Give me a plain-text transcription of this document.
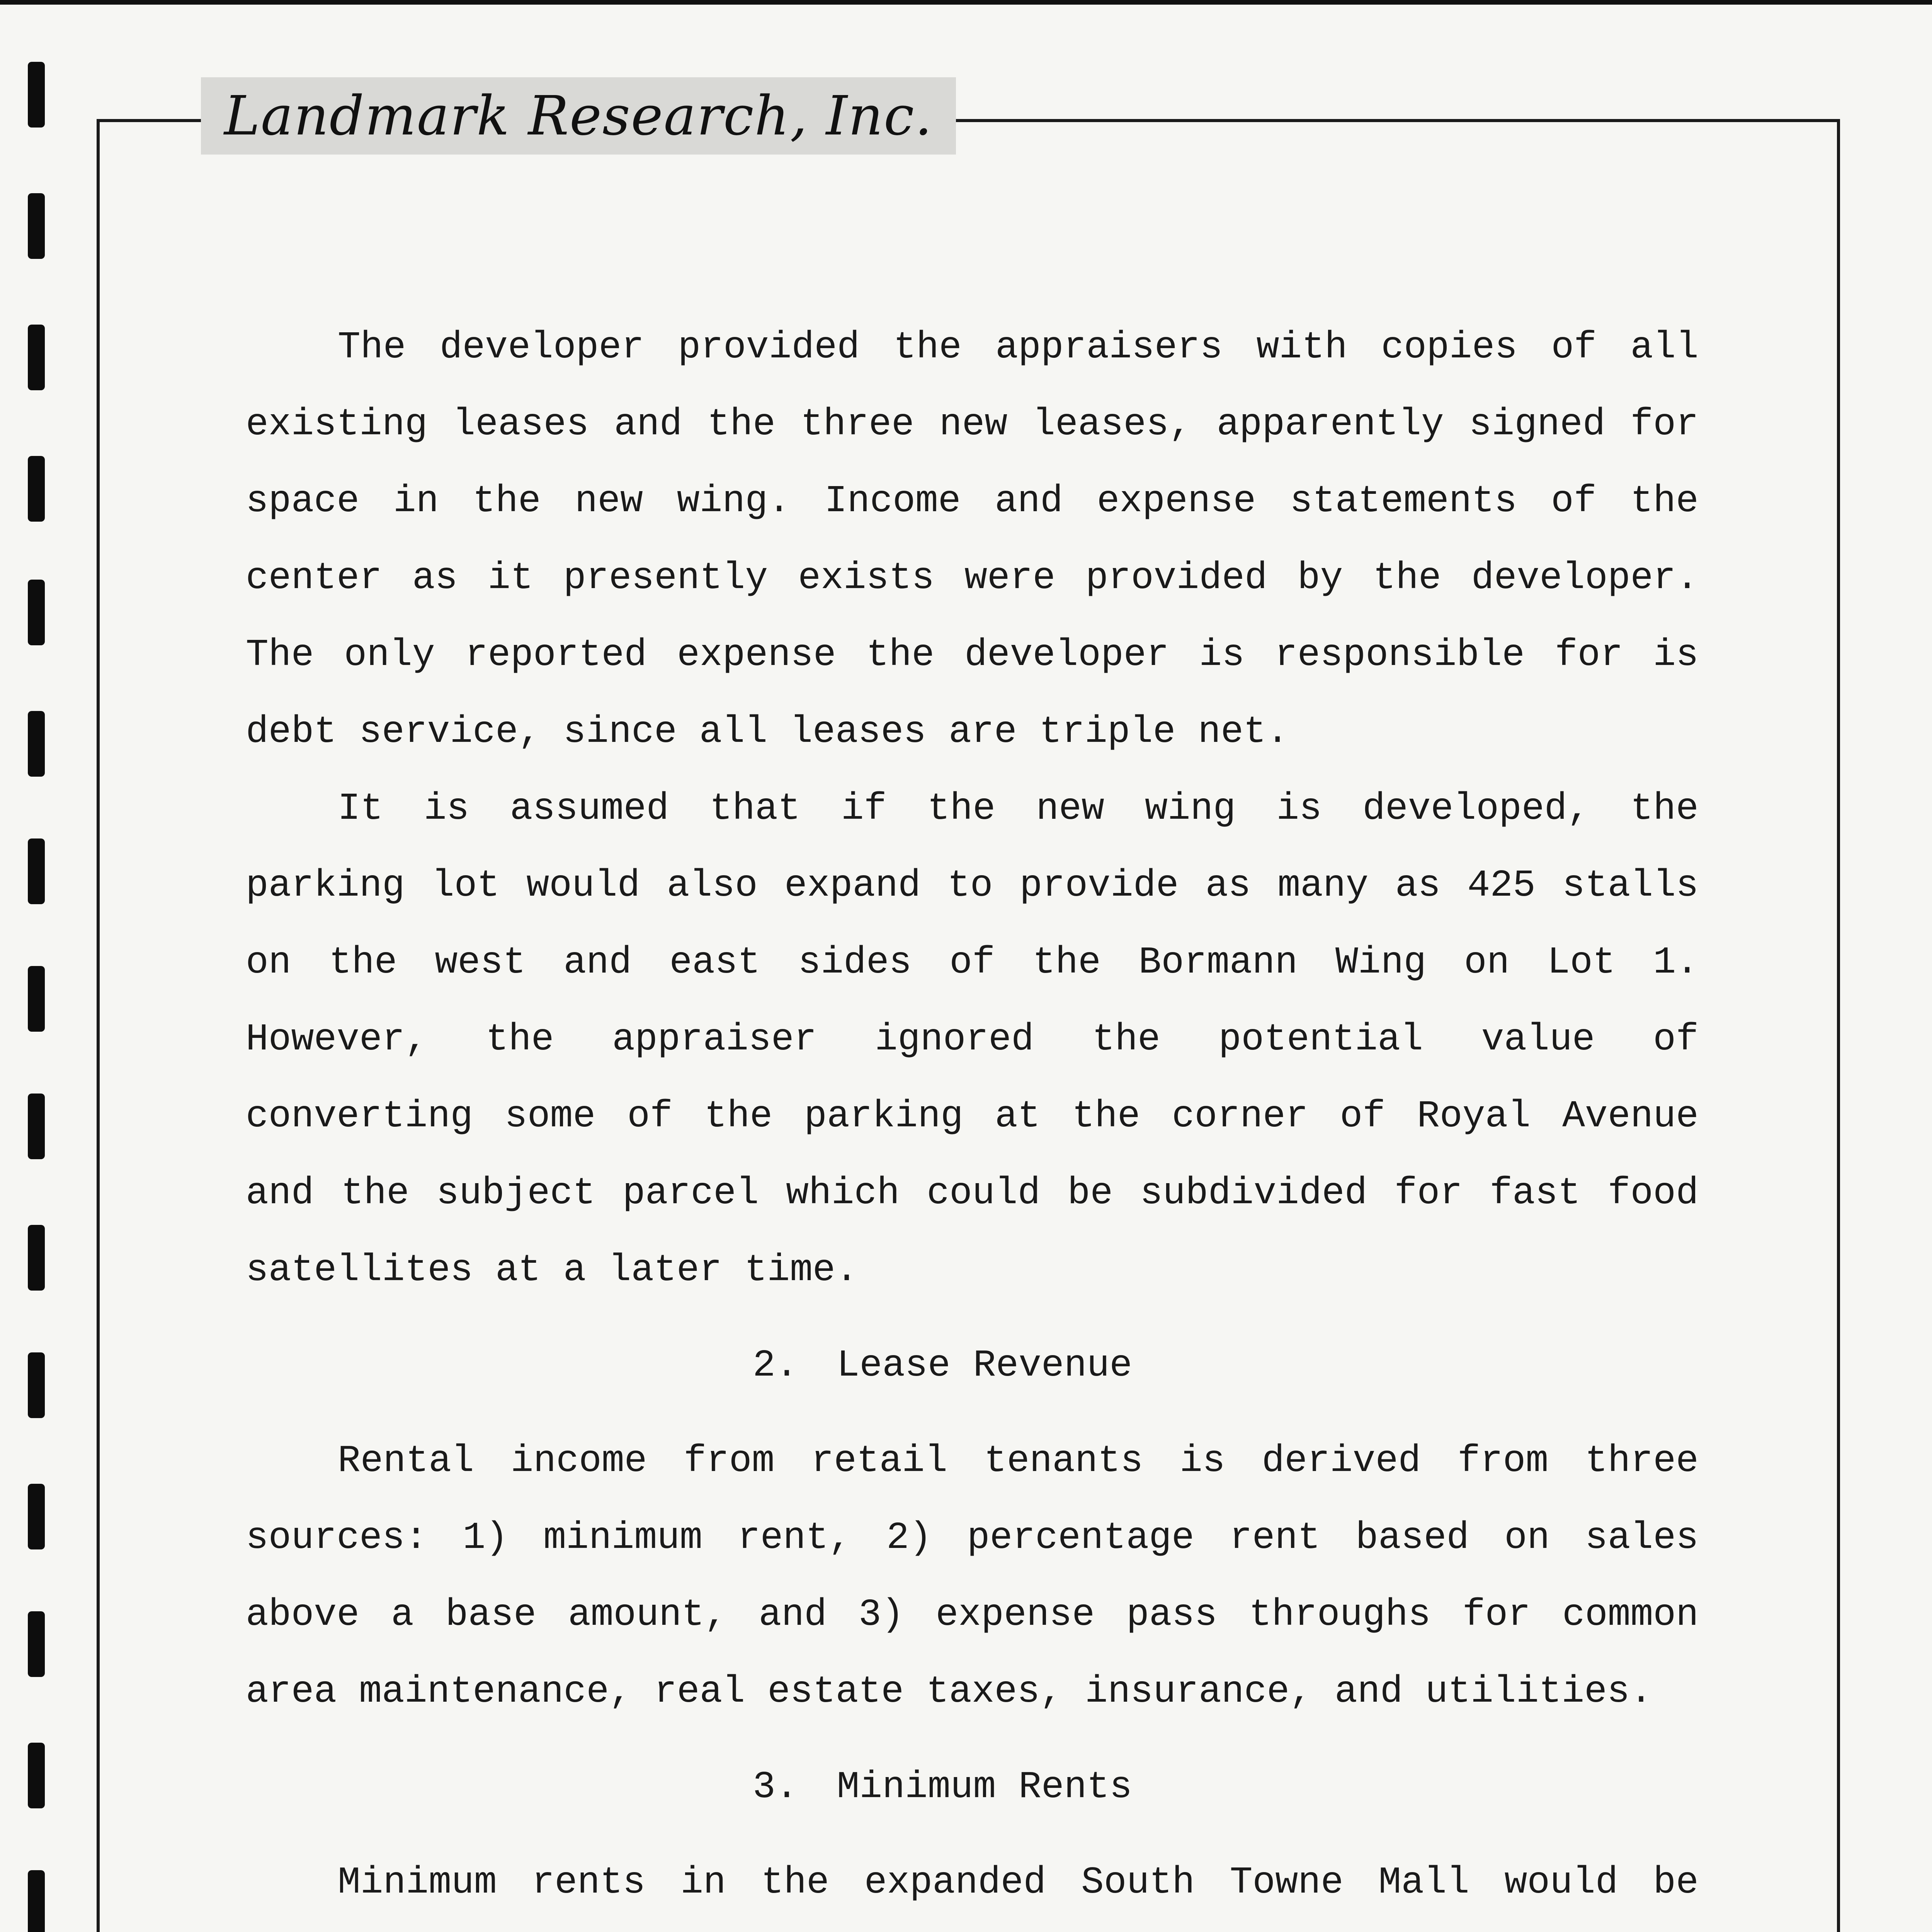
Landmark Research, Inc.
The developer provided the appraisers with copies of all
existing leases and the three new leases, apparently signed for
space in the new wing. Income and expense statements of the
center as it presently exists were provided by the developer.
The only reported expense the developer is responsible for is
debt service, since all leases are triple net.
It is assumed that if the new wing is developed, the
parking lot would also expand to provide as many as 425 stalls
on the west and east sides of the Bormann Wing on Lot 1.
However, the appraiser ignored the potential value of
converting some of the parking at the corner of Royal Avenue
and the subject parcel which could be subdivided for fast food
satellites at a later time.
2. Lease Revenue
Rental income from retail tenants is derived from three
sources: 1) minimum rent, 2) percentage rent based on sales
above a base amount, and 3) expense pass throughs for common
area maintenance, real estate taxes, insurance, and utilities.
3. Minimum Rents
Minimum rents in the expanded South Towne Mall would be
